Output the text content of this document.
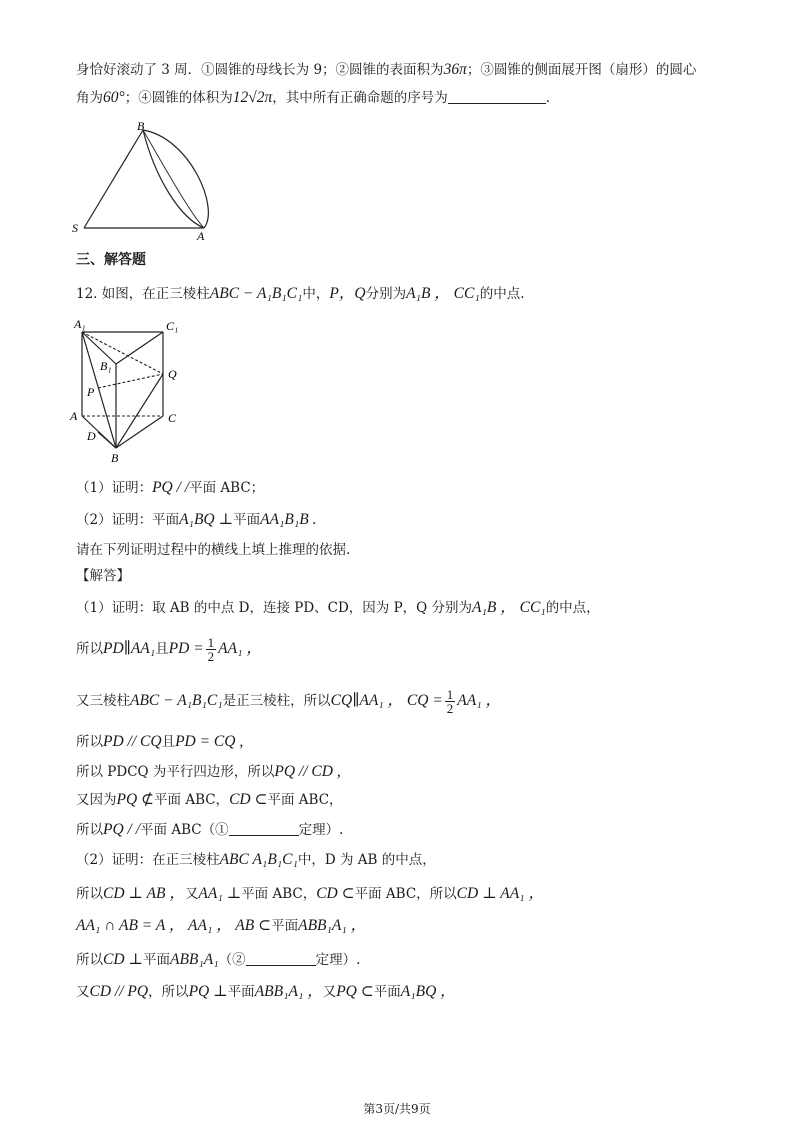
身恰好滚动了 3 周．①圆锥的母线长为 9；②圆锥的表面积为36π；③圆锥的侧面展开图（扇形）的圆心
角为60°；④圆锥的体积为12√2π，其中所有正确命题的序号为	.
S
B
A
三、解答题
12. 如图，在正三棱柱ABC − A₁B₁C₁中，P，Q分别为A₁B ， CC₁的中点.
A₁	C₁
B₁
Q
P
A	C
D
B
（1）证明：PQ / /平面 ABC；
（2）证明：平面A₁BQ ⊥平面AA₁B₁B .
请在下列证明过程中的横线上填上推理的依据.
【解答】
（1）证明：取 AB 的中点 D，连接 PD、CD，因为 P，Q 分别为A₁B ， CC₁的中点，
所以PD∥AA₁且PD = $\frac{1}{2} AA_1$ ，
又三棱柱ABC − A₁B₁C₁是正三棱柱，所以CQ∥AA₁ ， CQ = $\frac{1}{2} AA_1$ ，
所以PD // CQ且PD = CQ ,
所以 PDCQ 为平行四边形，所以PQ // CD ,
又因为PQ ⊄平面 ABC，CD ⊂平面 ABC，
所以PQ / /平面 ABC（①	定理）.
（2）证明：在正三棱柱ABC A₁B₁C₁中，D 为 AB 的中点，
所以CD ⊥ AB ，又AA₁ ⊥平面 ABC，CD ⊂平面 ABC，所以CD ⊥ AA₁ ，
AA₁ ∩ AB = A ， AA₁ ， AB ⊂平面ABB₁A₁ ，
所以CD ⊥平面ABB₁A₁（②	定理）.
又CD // PQ，所以PQ ⊥平面ABB₁A₁ ，又PQ ⊂平面A₁BQ ，
第3页/共9页
